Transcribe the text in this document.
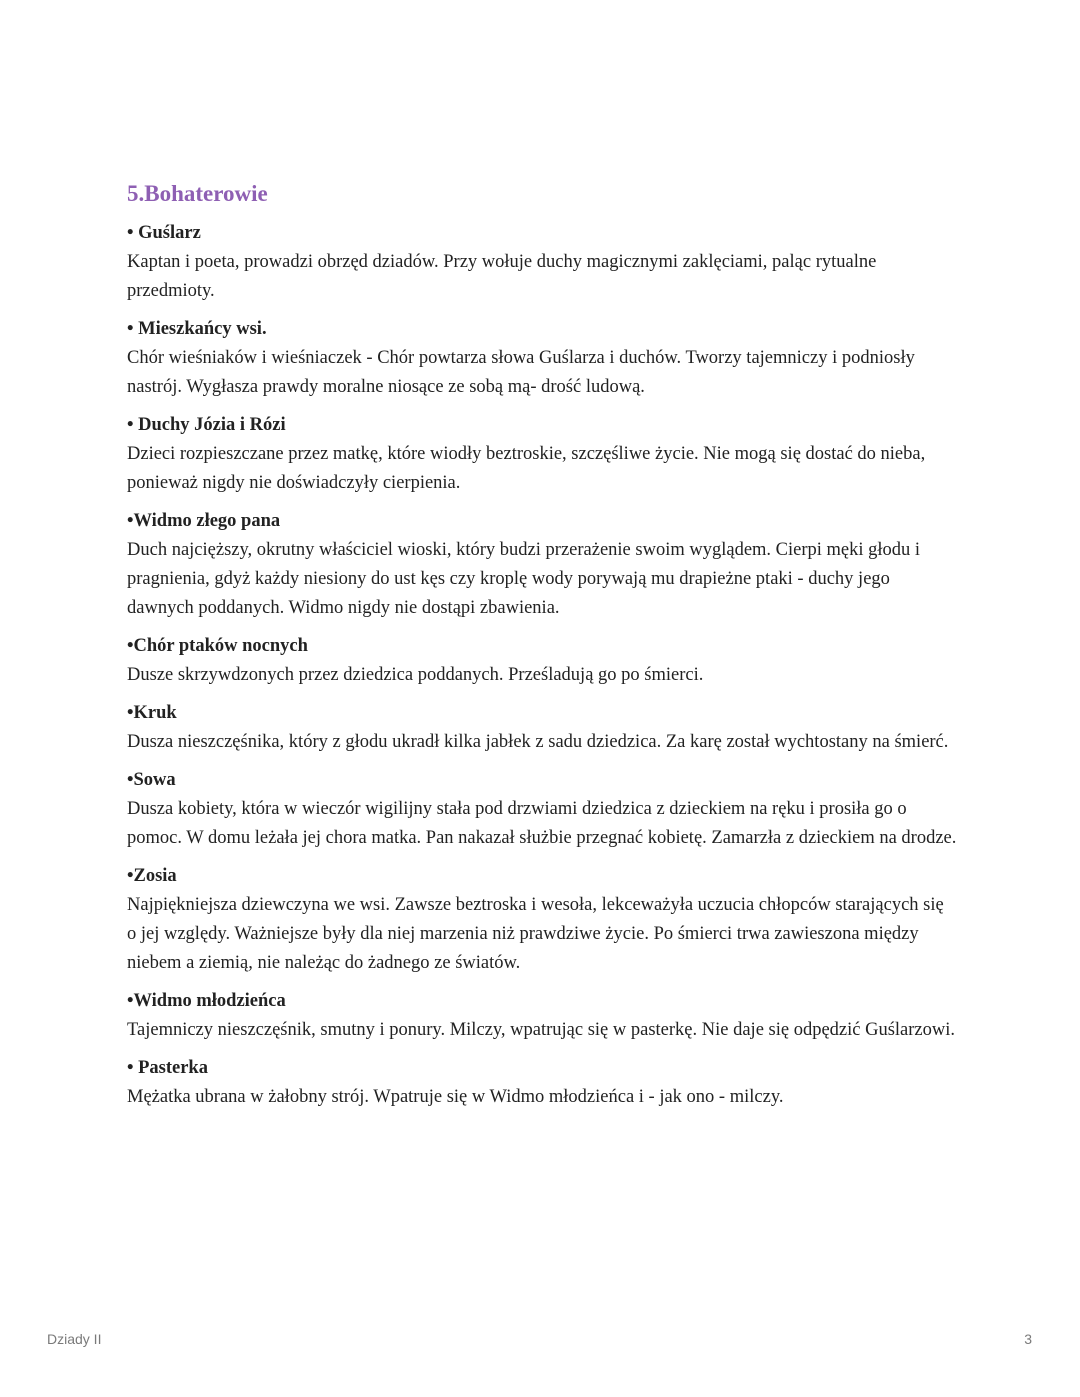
5.Bohaterowie
• Guślarz
Kaptan i poeta, prowadzi obrzęd dziadów. Przy wołuje duchy magicznymi zaklęciami, paląc rytualne przedmioty.
• Mieszkańcy wsi.
Chór wieśniaków i wieśniaczek - Chór powtarza słowa Guślarza i duchów. Tworzy tajemniczy i podniosły nastrój. Wygłasza prawdy moralne niosące ze sobą mą- drość ludową.
• Duchy Józia i Rózi
Dzieci rozpieszczane przez matkę, które wiodły beztroskie, szczęśliwe życie. Nie mogą się dostać do nieba, ponieważ nigdy nie doświadczyły cierpienia.
•Widmo złego pana
Duch najcięższy, okrutny właściciel wioski, który budzi przerażenie swoim wyglądem. Cierpi męki głodu i pragnienia, gdyż każdy niesiony do ust kęs czy kroplę wody porywają mu drapieżne ptaki - duchy jego dawnych poddanych. Widmo nigdy nie dostąpi zbawienia.
•Chór ptaków nocnych
Dusze skrzywdzonych przez dziedzica poddanych. Prześladują go po śmierci.
•Kruk
Dusza nieszczęśnika, który z głodu ukradł kilka jabłek z sadu dziedzica. Za karę został wychtostany na śmierć.
•Sowa
Dusza kobiety, która w wieczór wigilijny stała pod drzwiami dziedzica z dzieckiem na ręku i prosiła go o pomoc. W domu leżała jej chora matka. Pan nakazał służbie przegnać kobietę. Zamarzła z dzieckiem na drodze.
•Zosia
Najpiękniejsza dziewczyna we wsi. Zawsze beztroska i wesoła, lekceważyła uczucia chłopców starających się o jej względy. Ważniejsze były dla niej marzenia niż prawdziwe życie. Po śmierci trwa zawieszona między niebem a ziemią, nie należąc do żadnego ze światów.
•Widmo młodzieńca
Tajemniczy nieszczęśnik, smutny i ponury. Milczy, wpatrując się w pasterkę. Nie daje się odpędzić Guślarzowi.
• Pasterka
Mężatka ubrana w żałobny strój. Wpatruje się w Widmo młodzieńca i - jak ono - milczy.
Dziady II	3
